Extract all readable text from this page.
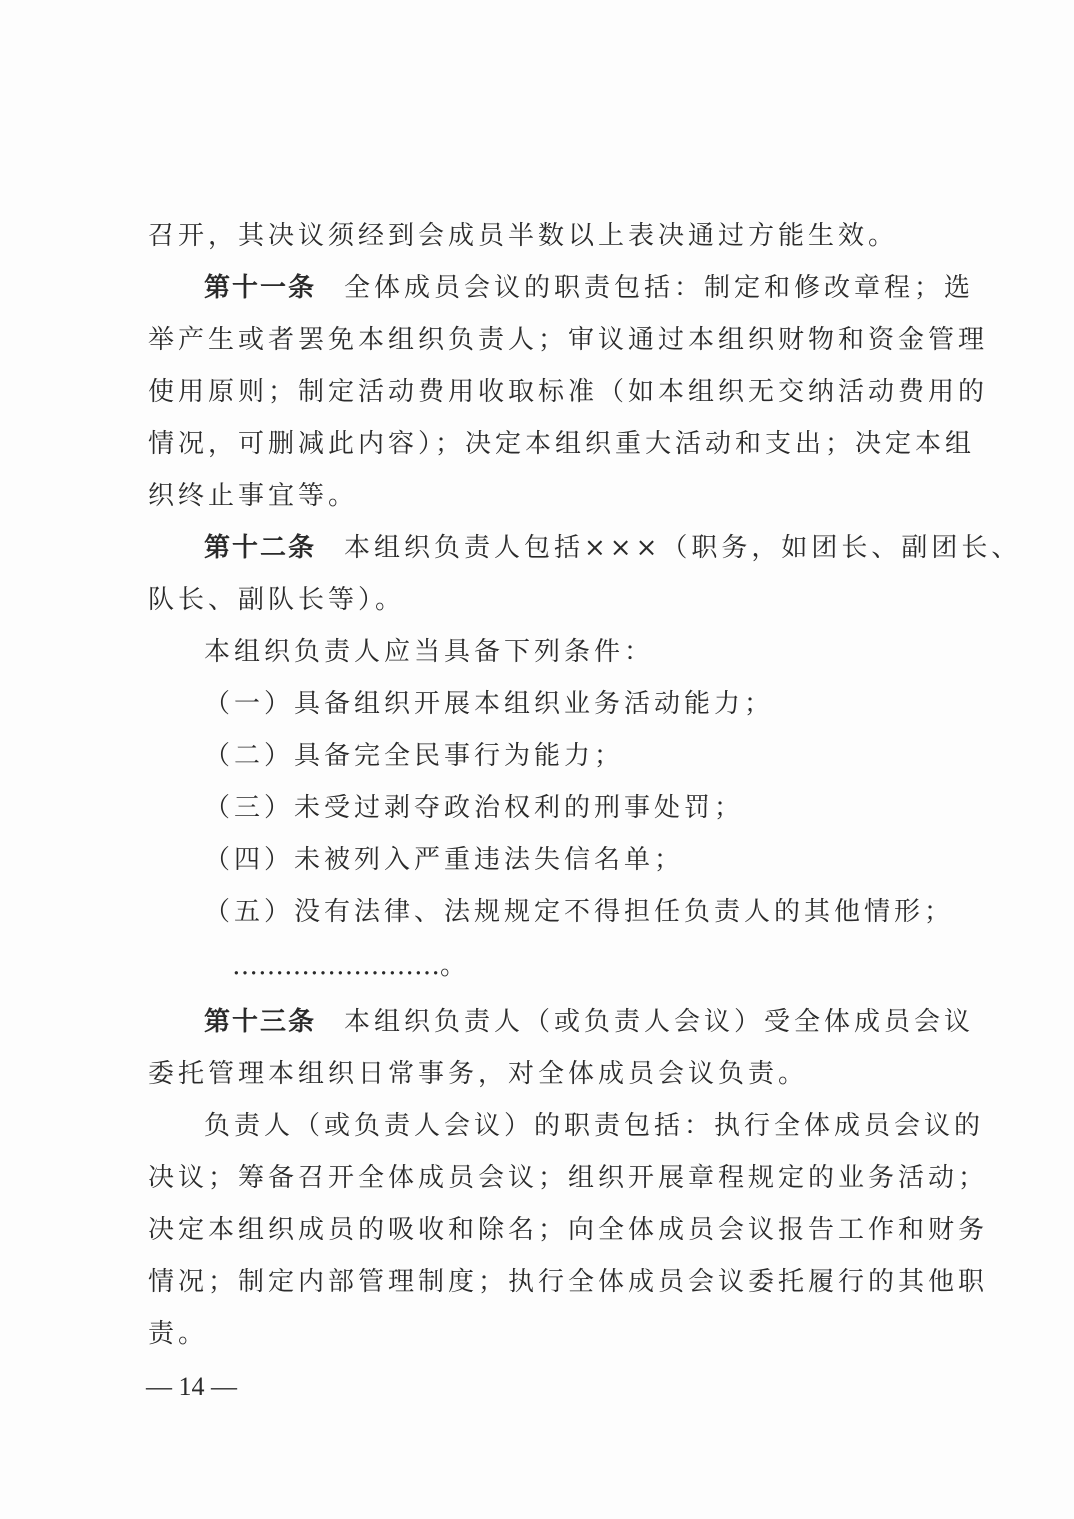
召开，其决议须经到会成员半数以上表决通过方能生效。
第十一条 全体成员会议的职责包括：制定和修改章程；选
举产生或者罢免本组织负责人；审议通过本组织财物和资金管理
使用原则；制定活动费用收取标准（如本组织无交纳活动费用的
情况，可删减此内容）；决定本组织重大活动和支出；决定本组
织终止事宜等。
第十二条 本组织负责人包括×××（职务，如团长、副团长、
队长、副队长等）。
本组织负责人应当具备下列条件：
（一）具备组织开展本组织业务活动能力；
（二）具备完全民事行为能力；
（三）未受过剥夺政治权利的刑事处罚；
（四）未被列入严重违法失信名单；
（五）没有法律、法规规定不得担任负责人的其他情形；
……………………。
第十三条 本组织负责人（或负责人会议）受全体成员会议
委托管理本组织日常事务，对全体成员会议负责。
负责人（或负责人会议）的职责包括：执行全体成员会议的
决议；筹备召开全体成员会议；组织开展章程规定的业务活动；
决定本组织成员的吸收和除名；向全体成员会议报告工作和财务
情况；制定内部管理制度；执行全体成员会议委托履行的其他职
责。
— 14 —
